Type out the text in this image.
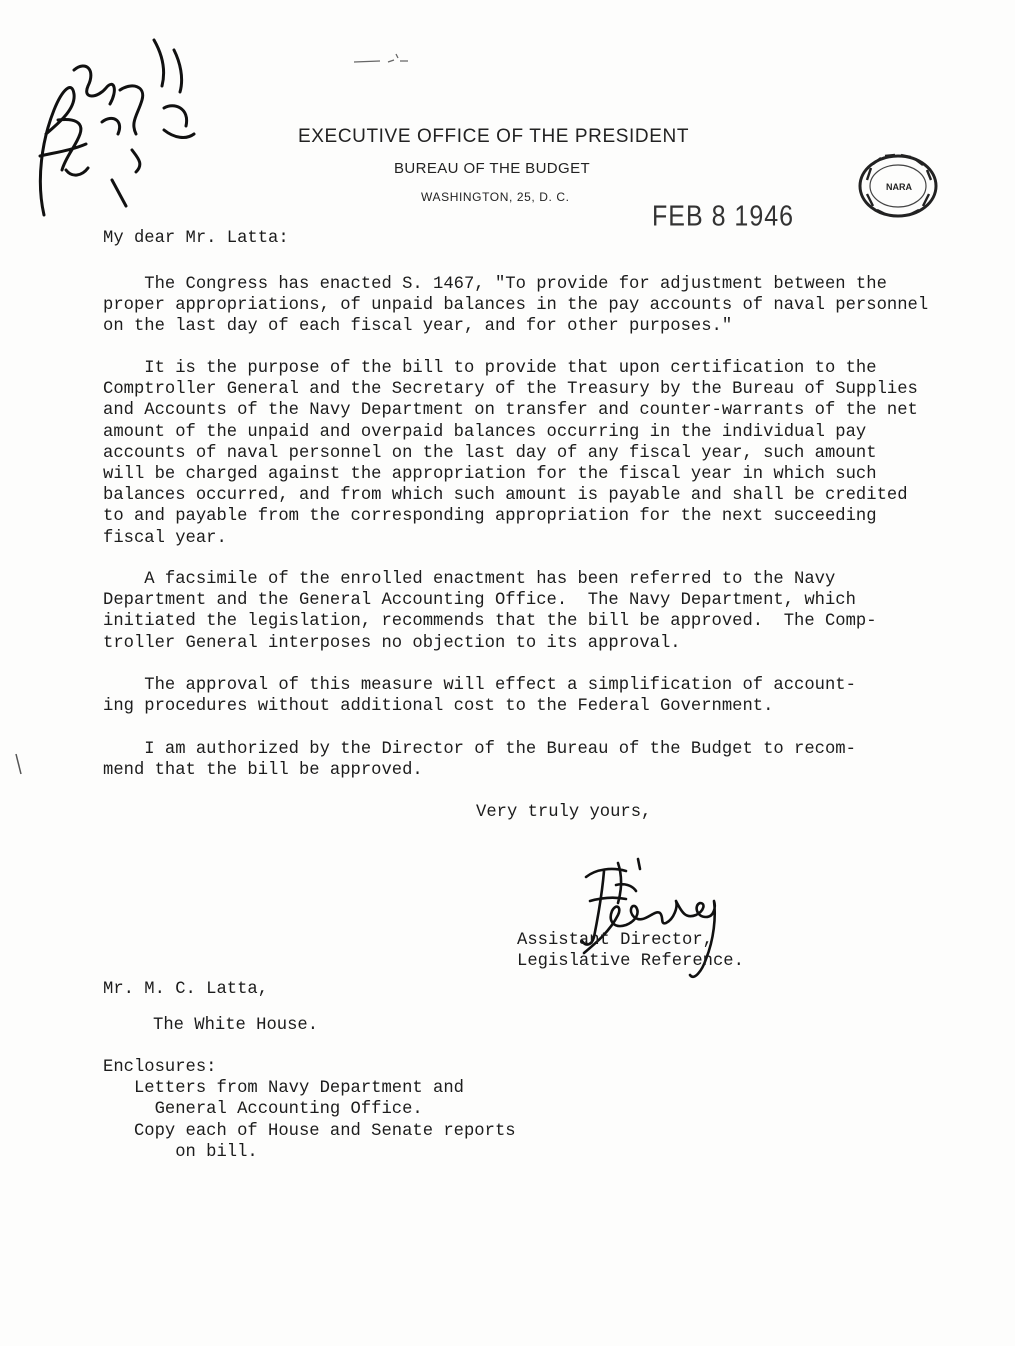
EXECUTIVE OFFICE OF THE PRESIDENT
BUREAU OF THE BUDGET
WASHINGTON, 25, D. C.
NARA
FEB 8 1946
My dear Mr. Latta:
The Congress has enacted S. 1467, "To provide for adjustment between the
proper appropriations, of unpaid balances in the pay accounts of naval personnel
on the last day of each fiscal year, and for other purposes."
It is the purpose of the bill to provide that upon certification to the
Comptroller General and the Secretary of the Treasury by the Bureau of Supplies
and Accounts of the Navy Department on transfer and counter-warrants of the net
amount of the unpaid and overpaid balances occurring in the individual pay
accounts of naval personnel on the last day of any fiscal year, such amount
will be charged against the appropriation for the fiscal year in which such
balances occurred, and from which such amount is payable and shall be credited
to and payable from the corresponding appropriation for the next succeeding
fiscal year.
A facsimile of the enrolled enactment has been referred to the Navy
Department and the General Accounting Office.  The Navy Department, which
initiated the legislation, recommends that the bill be approved.  The Comp-
troller General interposes no objection to its approval.
The approval of this measure will effect a simplification of account-
ing procedures without additional cost to the Federal Government.
I am authorized by the Director of the Bureau of the Budget to recom-
mend that the bill be approved.
Very truly yours,
Assistant Director,
Legislative Reference.
Mr. M. C. Latta,
The White House.
Enclosures:
Letters from Navy Department and
General Accounting Office.
Copy each of House and Senate reports
on bill.
